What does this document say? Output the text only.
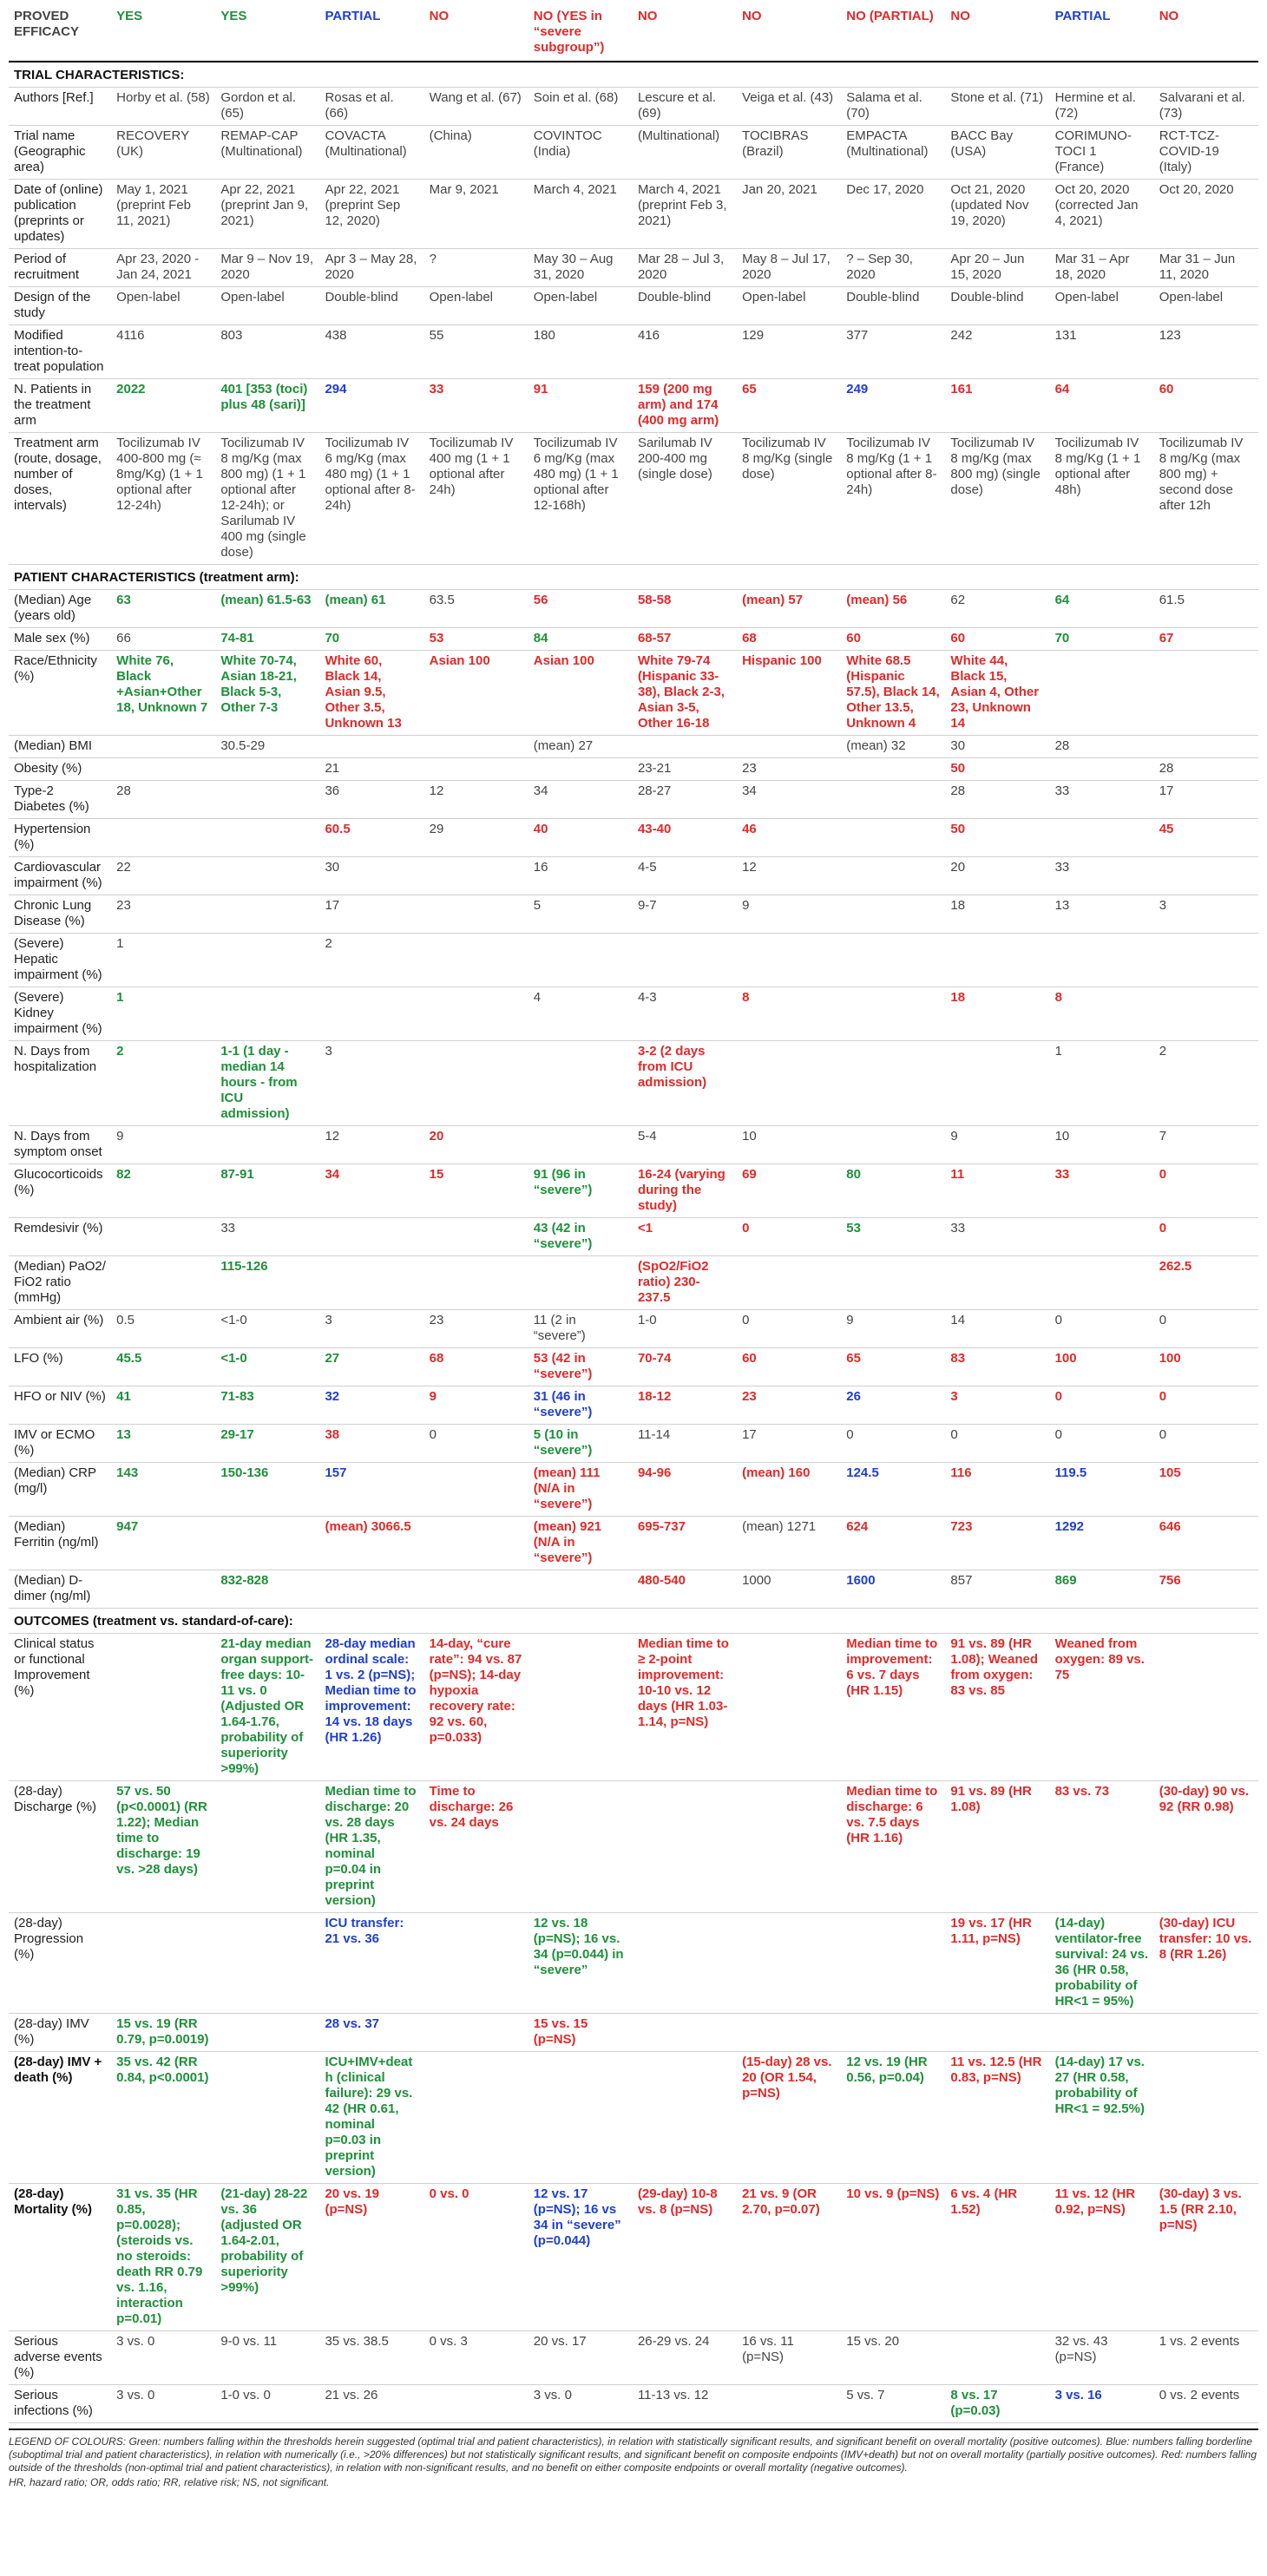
PROVED EFFICACY	YES	YES	PARTIAL	NO	NO (YES in “severe subgroup”)	NO	NO	NO (PARTIAL)	NO	PARTIAL	NO
TRIAL CHARACTERISTICS:											
Authors [Ref.]	Horby et al. (58)	Gordon et al. (65)	Rosas et al. (66)	Wang et al. (67)	Soin et al. (68)	Lescure et al. (69)	Veiga et al. (43)	Salama et al. (70)	Stone et al. (71)	Hermine et al. (72)	Salvarani et al. (73)
Trial name (Geographic area)	RECOVERY (UK)	REMAP-CAP (Multinational)	COVACTA (Multinational)	(China)	COVINTOC (India)	(Multinational)	TOCIBRAS (Brazil)	EMPACTA (Multinational)	BACC Bay (USA)	CORIMUNO-TOCI 1 (France)	RCT-TCZ-COVID-19 (Italy)
Date of (online) publication (preprints or updates)	May 1, 2021 (preprint Feb 11, 2021)	Apr 22, 2021 (preprint Jan 9, 2021)	Apr 22, 2021 (preprint Sep 12, 2020)	Mar 9, 2021	March 4, 2021	March 4, 2021 (preprint Feb 3, 2021)	Jan 20, 2021	Dec 17, 2020	Oct 21, 2020 (updated Nov 19, 2020)	Oct 20, 2020 (corrected Jan 4, 2021)	Oct 20, 2020
Period of recruitment	Apr 23, 2020 - Jan 24, 2021	Mar 9 – Nov 19, 2020	Apr 3 – May 28, 2020	?	May 30 – Aug 31, 2020	Mar 28 – Jul 3, 2020	May 8 – Jul 17, 2020	? – Sep 30, 2020	Apr 20 – Jun 15, 2020	Mar 31 – Apr 18, 2020	Mar 31 – Jun 11, 2020
Design of the study	Open-label	Open-label	Double-blind	Open-label	Open-label	Double-blind	Open-label	Double-blind	Double-blind	Open-label	Open-label
Modified intention-to-treat population	4116	803	438	55	180	416	129	377	242	131	123
N. Patients in the treatment arm	2022	401 [353 (toci) plus 48 (sari)]	294	33	91	159 (200 mg arm) and 174 (400 mg arm)	65	249	161	64	60
Treatment arm (route, dosage, number of doses, intervals)	Tocilizumab IV 400-800 mg (≈ 8mg/Kg) (1 + 1 optional after 12-24h)	Tocilizumab IV 8 mg/Kg (max 800 mg) (1 + 1 optional after 12-24h); or Sarilumab IV 400 mg (single dose)	Tocilizumab IV 6 mg/Kg (max 480 mg) (1 + 1 optional after 8-24h)	Tocilizumab IV 400 mg (1 + 1 optional after 24h)	Tocilizumab IV 6 mg/Kg (max 480 mg) (1 + 1 optional after 12-168h)	Sarilumab IV 200-400 mg (single dose)	Tocilizumab IV 8 mg/Kg (single dose)	Tocilizumab IV 8 mg/Kg (1 + 1 optional after 8-24h)	Tocilizumab IV 8 mg/Kg (max 800 mg) (single dose)	Tocilizumab IV 8 mg/Kg (1 + 1 optional after 48h)	Tocilizumab IV 8 mg/Kg (max 800 mg) + second dose after 12h
PATIENT CHARACTERISTICS (treatment arm):											
(Median) Age (years old)	63	(mean) 61.5-63	(mean) 61	63.5	56	58-58	(mean) 57	(mean) 56	62	64	61.5
Male sex (%)	66	74-81	70	53	84	68-57	68	60	60	70	67
Race/Ethnicity (%)	White 76, Black +Asian+Other 18, Unknown 7	White 70-74, Asian 18-21, Black 5-3, Other 7-3	White 60, Black 14, Asian 9.5, Other 3.5, Unknown 13	Asian 100	Asian 100	White 79-74 (Hispanic 33-38), Black 2-3, Asian 3-5, Other 16-18	Hispanic 100	White 68.5 (Hispanic 57.5), Black 14, Other 13.5, Unknown 4	White 44, Black 15, Asian 4, Other 23, Unknown 14		
(Median) BMI		30.5-29			(mean) 27			(mean) 32	30	28	
Obesity (%)			21			23-21	23		50		28
Type-2 Diabetes (%)	28		36	12	34	28-27	34		28	33	17
Hypertension (%)			60.5	29	40	43-40	46		50		45
Cardiovascular impairment (%)	22		30		16	4-5	12		20	33	
Chronic Lung Disease (%)	23		17		5	9-7	9		18	13	3
(Severe) Hepatic impairment (%)	1		2								
(Severe) Kidney impairment (%)	1				4	4-3	8		18	8	
N. Days from hospitalization	2	1-1 (1 day - median 14 hours - from ICU admission)	3			3-2 (2 days from ICU admission)				1	2
N. Days from symptom onset	9		12	20		5-4	10		9	10	7
Glucocorticoids (%)	82	87-91	34	15	91 (96 in “severe”)	16-24 (varying during the study)	69	80	11	33	0
Remdesivir (%)		33			43 (42 in “severe”)	<1	0	53	33		0
(Median) PaO2/ FiO2 ratio (mmHg)		115-126				(SpO2/FiO2 ratio) 230-237.5					262.5
Ambient air (%)	0.5	<1-0	3	23	11 (2 in “severe”)	1-0	0	9	14	0	0
LFO (%)	45.5	<1-0	27	68	53 (42 in “severe”)	70-74	60	65	83	100	100
HFO or NIV (%)	41	71-83	32	9	31 (46 in “severe”)	18-12	23	26	3	0	0
IMV or ECMO (%)	13	29-17	38	0	5 (10 in “severe”)	11-14	17	0	0	0	0
(Median) CRP (mg/l)	143	150-136	157		(mean) 111 (N/A in “severe”)	94-96	(mean) 160	124.5	116	119.5	105
(Median) Ferritin (ng/ml)	947		(mean) 3066.5		(mean) 921 (N/A in “severe”)	695-737	(mean) 1271	624	723	1292	646
(Median) D-dimer (ng/ml)		832-828				480-540	1000	1600	857	869	756
OUTCOMES (treatment vs. standard-of-care):											
Clinical status or functional Improvement (%)		21-day median organ support-free days: 10-11 vs. 0 (Adjusted OR 1.64-1.76, probability of superiority >99%)	28-day median ordinal scale: 1 vs. 2 (p=NS); Median time to improvement: 14 vs. 18 days (HR 1.26)	14-day, “cure rate”: 94 vs. 87 (p=NS); 14-day hypoxia recovery rate: 92 vs. 60, p=0.033)		Median time to ≥ 2-point improvement: 10-10 vs. 12 days (HR 1.03-1.14, p=NS)		Median time to improvement: 6 vs. 7 days (HR 1.15)	91 vs. 89 (HR 1.08); Weaned from oxygen: 83 vs. 85	Weaned from oxygen: 89 vs. 75	
(28-day) Discharge (%)	57 vs. 50 (p<0.0001) (RR 1.22); Median time to discharge: 19 vs. >28 days)		Median time to discharge: 20 vs. 28 days (HR 1.35, nominal p=0.04 in preprint version)	Time to discharge: 26 vs. 24 days				Median time to discharge: 6 vs. 7.5 days (HR 1.16)	91 vs. 89 (HR 1.08)	83 vs. 73	(30-day) 90 vs. 92 (RR 0.98)
(28-day) Progression (%)			ICU transfer: 21 vs. 36		12 vs. 18 (p=NS); 16 vs. 34 (p=0.044) in “severe”				19 vs. 17 (HR 1.11, p=NS)	(14-day) ventilator-free survival: 24 vs. 36 (HR 0.58, probability of HR<1 = 95%)	(30-day) ICU transfer: 10 vs. 8 (RR 1.26)
(28-day) IMV (%)	15 vs. 19 (RR 0.79, p=0.0019)		28 vs. 37		15 vs. 15 (p=NS)						
(28-day) IMV + death (%)	35 vs. 42 (RR 0.84, p<0.0001)		ICU+IMV+death (clinical failure): 29 vs. 42 (HR 0.61, nominal p=0.03 in preprint version)				(15-day) 28 vs. 20 (OR 1.54, p=NS)	12 vs. 19 (HR 0.56, p=0.04)	11 vs. 12.5 (HR 0.83, p=NS)	(14-day) 17 vs. 27 (HR 0.58, probability of HR<1 = 92.5%)	
(28-day) Mortality (%)	31 vs. 35 (HR 0.85, p=0.0028); (steroids vs. no steroids: death RR 0.79 vs. 1.16, interaction p=0.01)	(21-day) 28-22 vs. 36 (adjusted OR 1.64-2.01, probability of superiority >99%)	20 vs. 19 (p=NS)	0 vs. 0	12 vs. 17 (p=NS); 16 vs 34 in “severe” (p=0.044)	(29-day) 10-8 vs. 8 (p=NS)	21 vs. 9 (OR 2.70, p=0.07)	10 vs. 9 (p=NS)	6 vs. 4 (HR 1.52)	11 vs. 12 (HR 0.92, p=NS)	(30-day) 3 vs. 1.5 (RR 2.10, p=NS)
Serious adverse events (%)	3 vs. 0	9-0 vs. 11	35 vs. 38.5	0 vs. 3	20 vs. 17	26-29 vs. 24	16 vs. 11 (p=NS)	15 vs. 20		32 vs. 43 (p=NS)	1 vs. 2 events
Serious infections (%)	3 vs. 0	1-0 vs. 0	21 vs. 26		3 vs. 0	11-13 vs. 12		5 vs. 7	8 vs. 17 (p=0.03)	3 vs. 16	0 vs. 2 events

LEGEND OF COLOURS: Green: numbers falling within the thresholds herein suggested (optimal trial and patient characteristics), in relation with statistically significant results, and significant benefit on overall mortality (positive outcomes). Blue: numbers falling borderline (suboptimal trial and patient characteristics), in relation with numerically (i.e., >20% differences) but not statistically significant results, and significant benefit on composite endpoints (IMV+death) but not on overall mortality (partially positive outcomes). Red: numbers falling outside of the thresholds (non-optimal trial and patient characteristics), in relation with non-significant results, and no benefit on either composite endpoints or overall mortality (negative outcomes).

HR, hazard ratio; OR, odds ratio; RR, relative risk; NS, not significant.
